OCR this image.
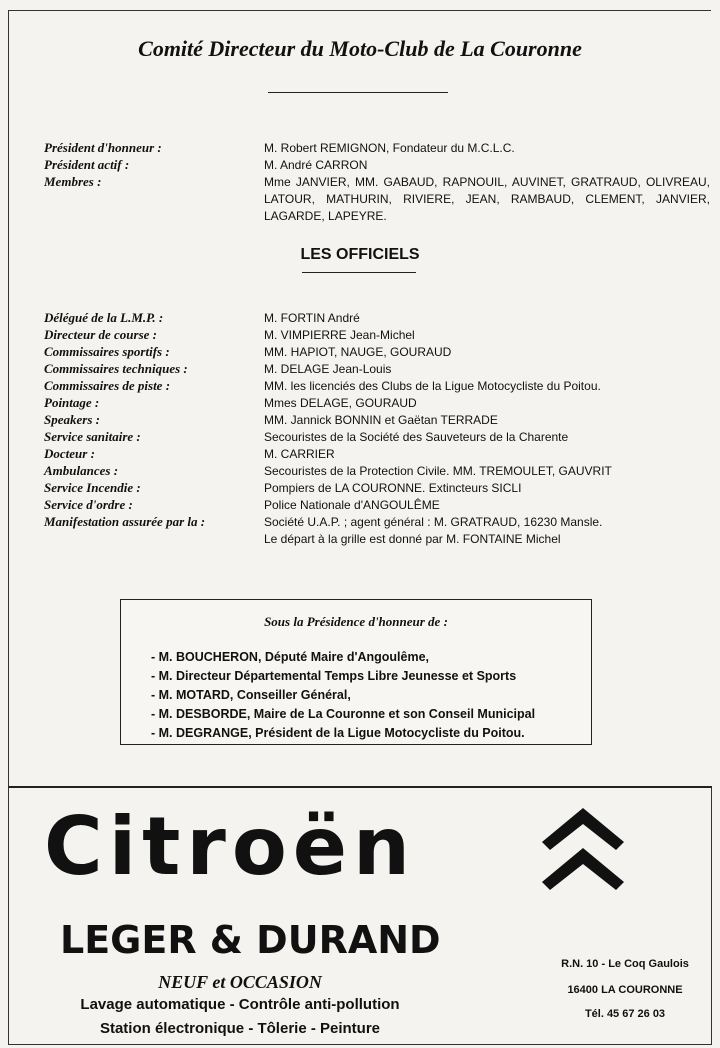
Comité Directeur du Moto-Club de La Couronne
Président d'honneur :	M. Robert REMIGNON, Fondateur du M.C.L.C.
Président actif :	M. André CARRON
Membres :	Mme JANVIER, MM. GABAUD, RAPNOUIL, AUVINET, GRATRAUD, OLIVREAU, LATOUR, MATHURIN, RIVIERE, JEAN, RAMBAUD, CLEMENT, JANVIER, LAGARDE, LAPEYRE.
LES OFFICIELS
Délégué de la L.M.P. :	M. FORTIN André
Directeur de course :	M. VIMPIERRE Jean-Michel
Commissaires sportifs :	MM. HAPIOT, NAUGE, GOURAUD
Commissaires techniques :	M. DELAGE Jean-Louis
Commissaires de piste :	MM. les licenciés des Clubs de la Ligue Motocycliste du Poitou.
Pointage :	Mmes DELAGE, GOURAUD
Speakers :	MM. Jannick BONNIN et Gaëtan TERRADE
Service sanitaire :	Secouristes de la Société des Sauveteurs de la Charente
Docteur :	M. CARRIER
Ambulances :	Secouristes de la Protection Civile. MM. TREMOULET, GAUVRIT
Service Incendie :	Pompiers de LA COURONNE. Extincteurs SICLI
Service d'ordre :	Police Nationale d'ANGOULÊME
Manifestation assurée par la :	Société U.A.P. ; agent général : M. GRATRAUD, 16230 Mansle.
Le départ à la grille est donné par M. FONTAINE Michel
Sous la Présidence d'honneur de :
- M. BOUCHERON, Député Maire d'Angoulême,
- M. Directeur Départemental Temps Libre Jeunesse et Sports
- M. MOTARD, Conseiller Général,
- M. DESBORDE, Maire de La Couronne et son Conseil Municipal
- M. DEGRANGE, Président de la Ligue Motocycliste du Poitou.
Citroën
LEGER & DURAND
NEUF et OCCASION
Lavage automatique - Contrôle anti-pollution
Station électronique - Tôlerie - Peinture
R.N. 10 - Le Coq Gaulois
16400 LA COURONNE
Tél. 45 67 26 03
